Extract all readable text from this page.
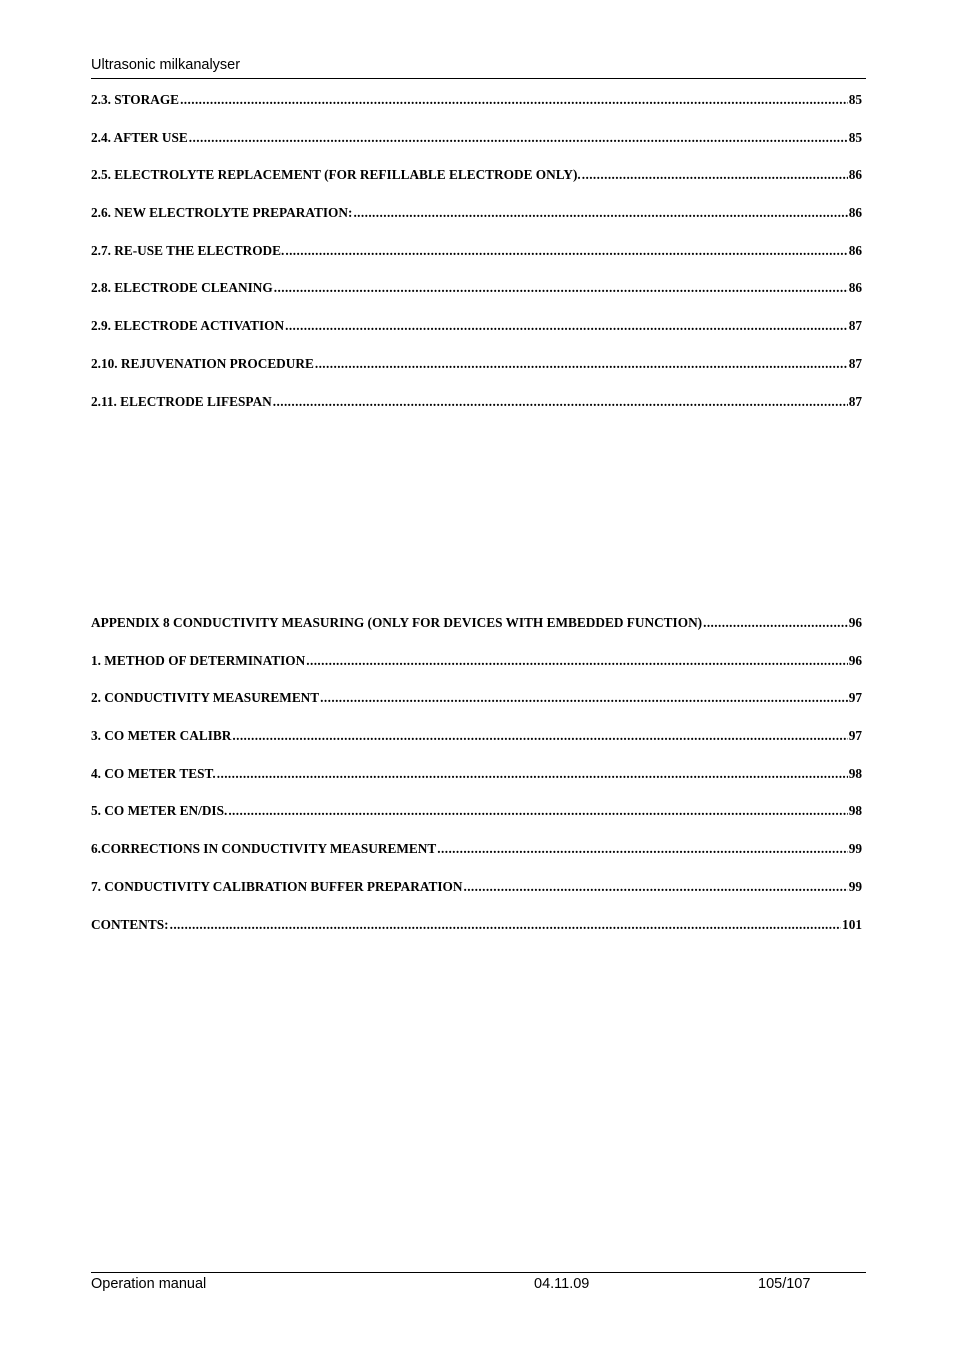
Ultrasonic milkanalyser
2.3. STORAGE .....	85
2.4. AFTER USE .....	85
2.5. ELECTROLYTE REPLACEMENT (FOR REFILLABLE ELECTRODE ONLY). .....	86
2.6. NEW ELECTROLYTE PREPARATION: .....	86
2.7. RE-USE THE ELECTRODE. .....	86
2.8. ELECTRODE CLEANING .....	86
2.9. ELECTRODE ACTIVATION .....	87
2.10. REJUVENATION PROCEDURE .....	87
2.11. ELECTRODE LIFESPAN .....	87
APPENDIX 8 CONDUCTIVITY MEASURING (ONLY FOR DEVICES WITH EMBEDDED FUNCTION) .....	96
1. METHOD OF DETERMINATION .....	96
2. CONDUCTIVITY MEASUREMENT .....	97
3. CO METER CALIBR .....	97
4. CO METER TEST. .....	98
5. CO METER EN/DIS. .....	98
6.CORRECTIONS IN CONDUCTIVITY MEASUREMENT .....	99
7. CONDUCTIVITY CALIBRATION BUFFER PREPARATION .....	99
CONTENTS: .....	101
Operation manual	04.11.09	105/107
